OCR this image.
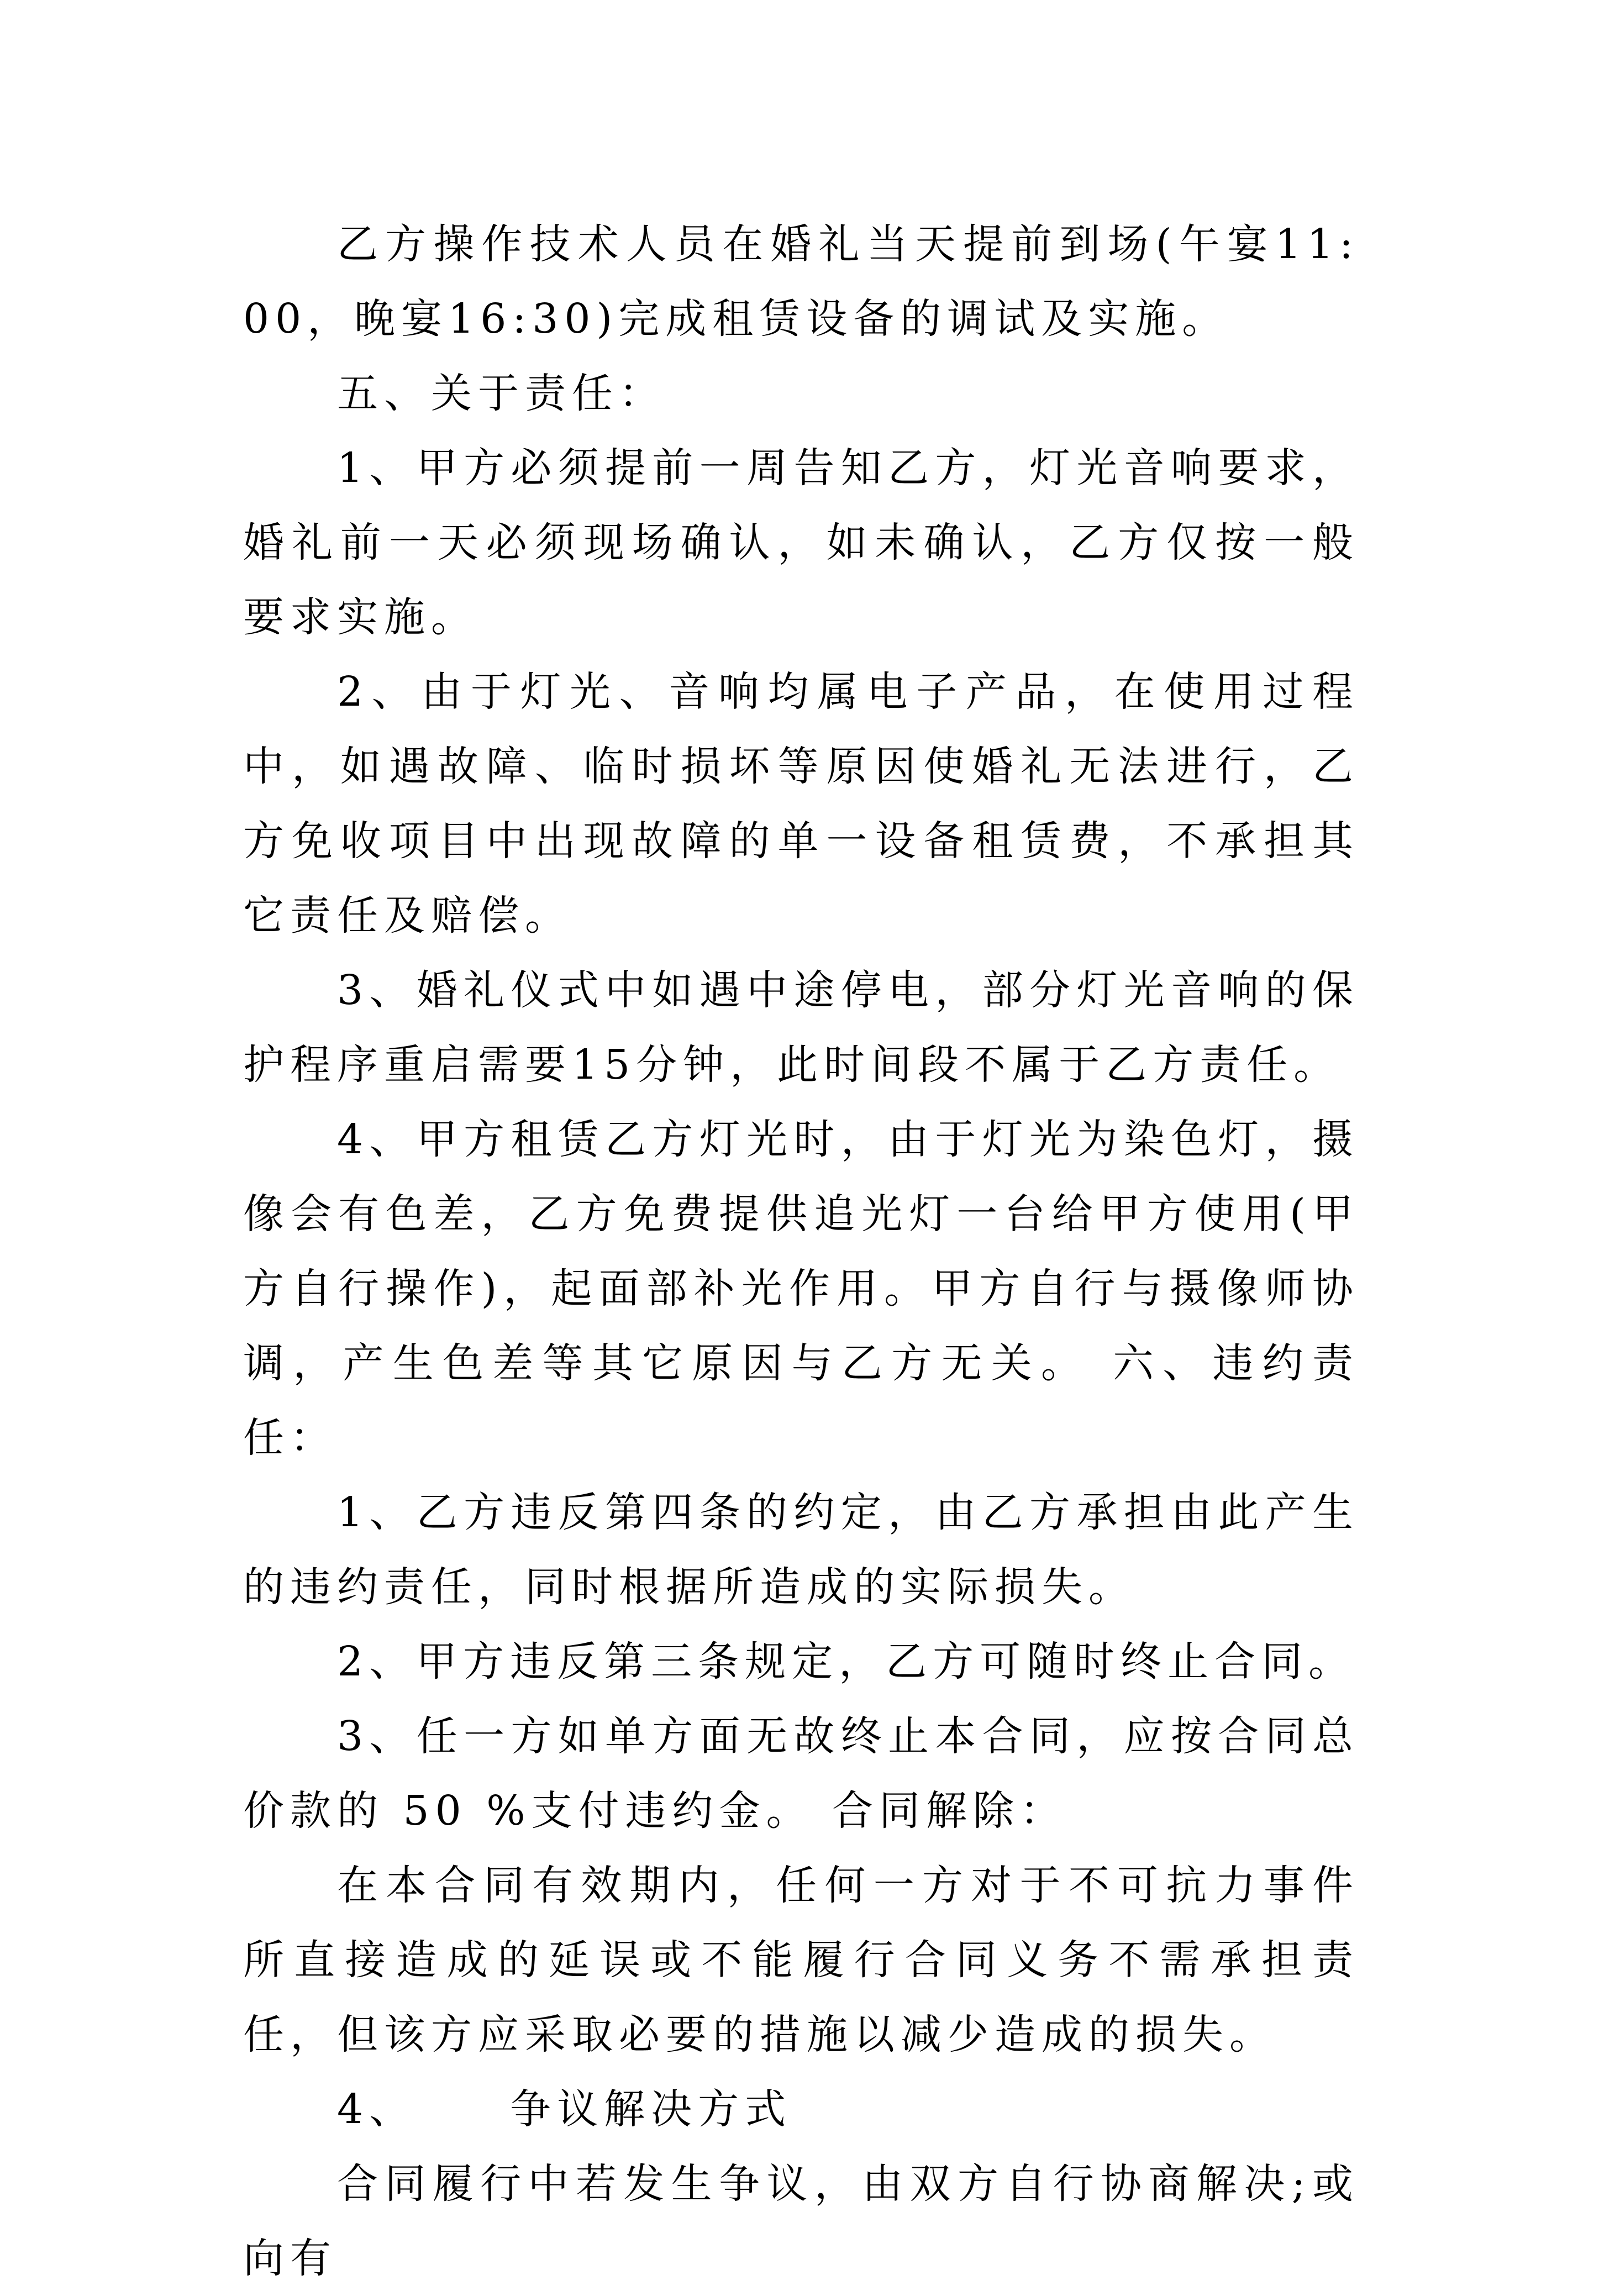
乙方操作技术人员在婚礼当天提前到场(午宴11:00，晚宴16:30)完成租赁设备的调试及实施。

五、关于责任：

1、甲方必须提前一周告知乙方，灯光音响要求，婚礼前一天必须现场确认，如未确认，乙方仅按一般要求实施。

2、由于灯光、音响均属电子产品，在使用过程中，如遇故障、临时损坏等原因使婚礼无法进行，乙方免收项目中出现故障的单一设备租赁费，不承担其它责任及赔偿。

3、婚礼仪式中如遇中途停电，部分灯光音响的保护程序重启需要15分钟，此时间段不属于乙方责任。

4、甲方租赁乙方灯光时，由于灯光为染色灯，摄像会有色差，乙方免费提供追光灯一台给甲方使用(甲方自行操作)，起面部补光作用。甲方自行与摄像师协调，产生色差等其它原因与乙方无关。 六、违约责任：

1、乙方违反第四条的约定，由乙方承担由此产生的违约责任，同时根据所造成的实际损失。

2、甲方违反第三条规定，乙方可随时终止合同。

3、任一方如单方面无故终止本合同，应按合同总价款的 50 %支付违约金。 合同解除：

在本合同有效期内，任何一方对于不可抗力事件所直接造成的延误或不能履行合同义务不需承担责任，但该方应采取必要的措施以减少造成的损失。

4、 争议解决方式

合同履行中若发生争议，由双方自行协商解决;或向有
